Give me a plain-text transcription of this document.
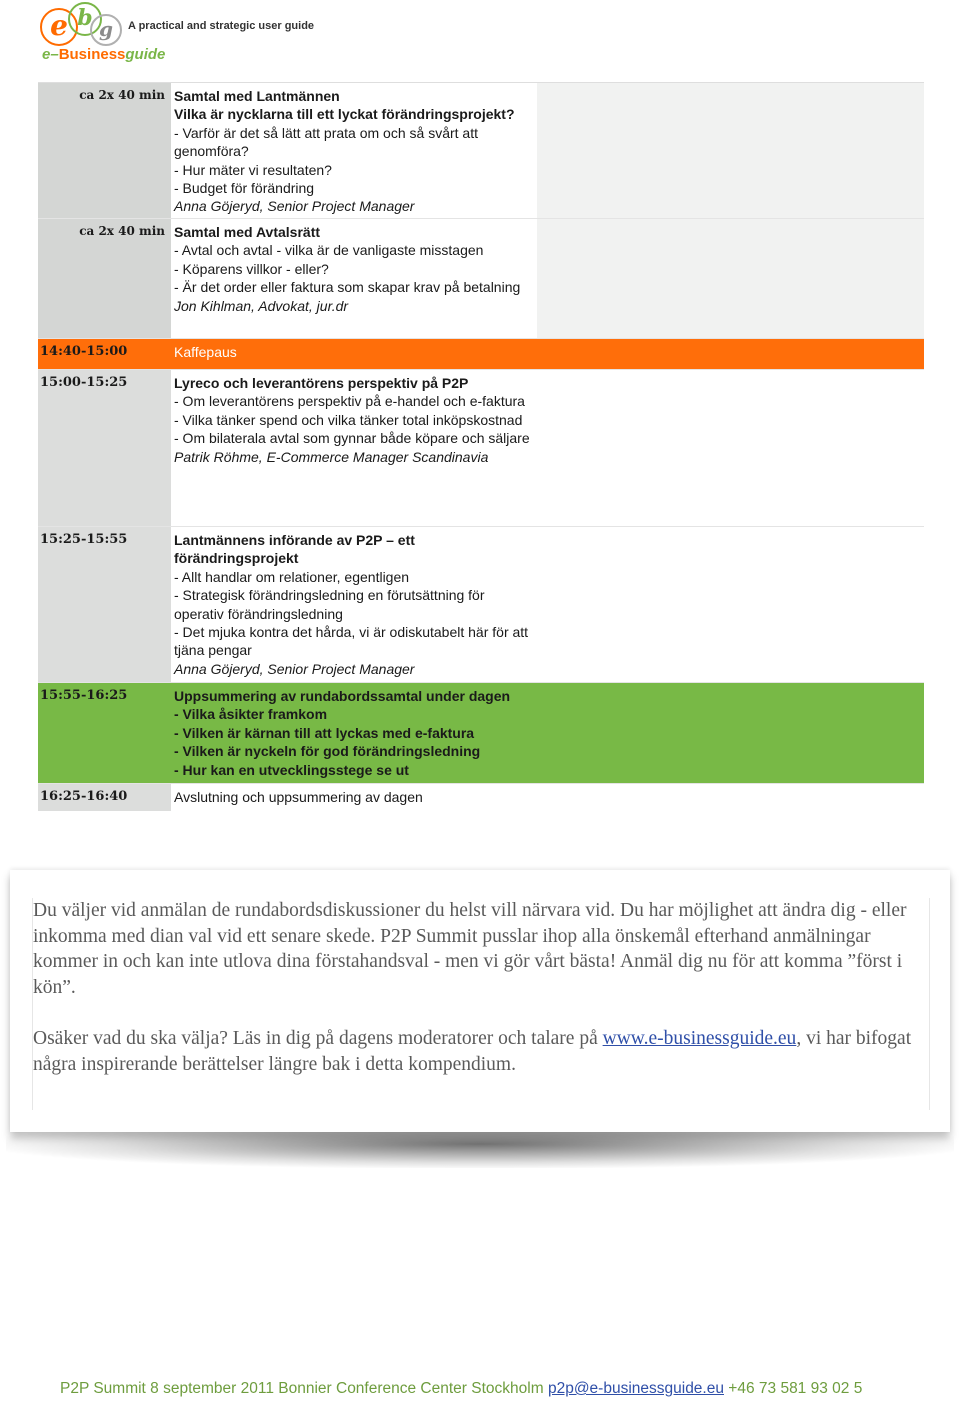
e b g	A practical and strategic user guide
e–Businessguide
ca 2x 40 min Samtal med Lantmännen
Vilka är nycklarna till ett lyckat förändringsprojekt?
- Varför är det så lätt att prata om och så svårt att genomföra?
- Hur mäter vi resultaten?
- Budget för förändring
Anna Göjeryd, Senior Project Manager
ca 2x 40 min Samtal med Avtalsrätt
- Avtal och avtal - vilka är de vanligaste misstagen
- Köparens villkor - eller?
- Är det order eller faktura som skapar krav på betalning
Jon Kihlman, Advokat, jur.dr
14:40-15:00	Kaffepaus
15:00-15:25	Lyreco och leverantörens perspektiv på P2P
- Om leverantörens perspektiv på e-handel och e-faktura
- Vilka tänker spend och vilka tänker total inköpskostnad
- Om bilaterala avtal som gynnar både köpare och säljare
Patrik Röhme, E-Commerce Manager Scandinavia
15:25-15:55	Lantmännens införande av P2P – ett förändringsprojekt
- Allt handlar om relationer, egentligen
- Strategisk förändringsledning en förutsättning för operativ förändringsledning
- Det mjuka kontra det hårda, vi är odiskutabelt här för att tjäna pengar
Anna Göjeryd, Senior Project Manager
15:55-16:25	Uppsummering av rundabordssamtal under dagen
- Vilka åsikter framkom
- Vilken är kärnan till att lyckas med e-faktura
- Vilken är nyckeln för god förändringsledning
- Hur kan en utvecklingsstege se ut
16:25-16:40	Avslutning och uppsummering av dagen

Du väljer vid anmälan de rundabordsdiskussioner du helst vill närvara vid. Du har möjlighet att ändra dig - eller inkomma med dian val vid ett senare skede. P2P Summit pusslar ihop alla önskemål efterhand anmälningar kommer in och kan inte utlova dina förstahandsval - men vi gör vårt bästa! Anmäl dig nu för att komma ”först i kön”.

Osäker vad du ska välja? Läs in dig på dagens moderatorer och talare på www.e-businessguide.eu, vi har bifogat några inspirerande berättelser längre bak i detta kompendium.

P2P Summit 8 september 2011 Bonnier Conference Center Stockholm p2p@e-businessguide.eu +46 73 581 93 02 5
